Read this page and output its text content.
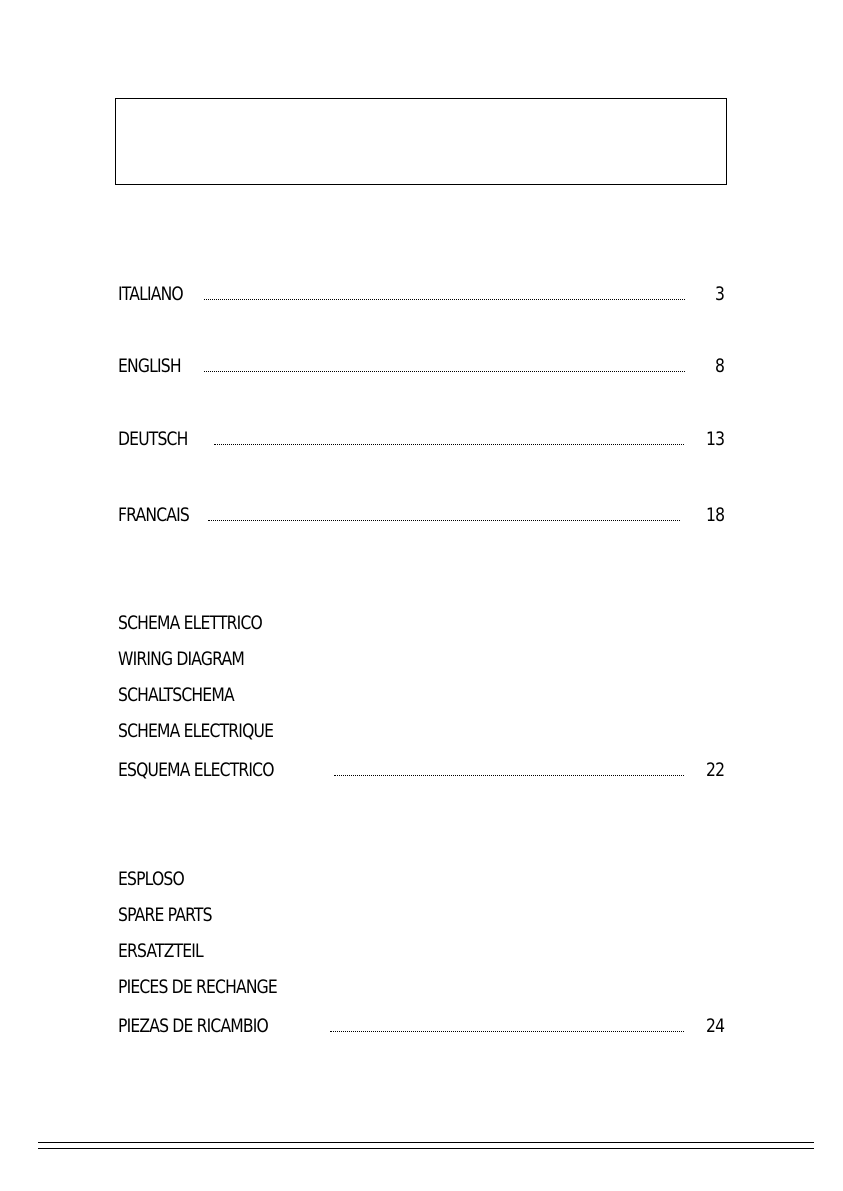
ITALIANO	3
ENGLISH	8
DEUTSCH	13
FRANCAIS	18
SCHEMA ELETTRICO
WIRING DIAGRAM
SCHALTSCHEMA
SCHEMA ELECTRIQUE
ESQUEMA ELECTRICO	22
ESPLOSO
SPARE PARTS
ERSATZTEIL
PIECES DE RECHANGE
PIEZAS DE RICAMBIO	24
